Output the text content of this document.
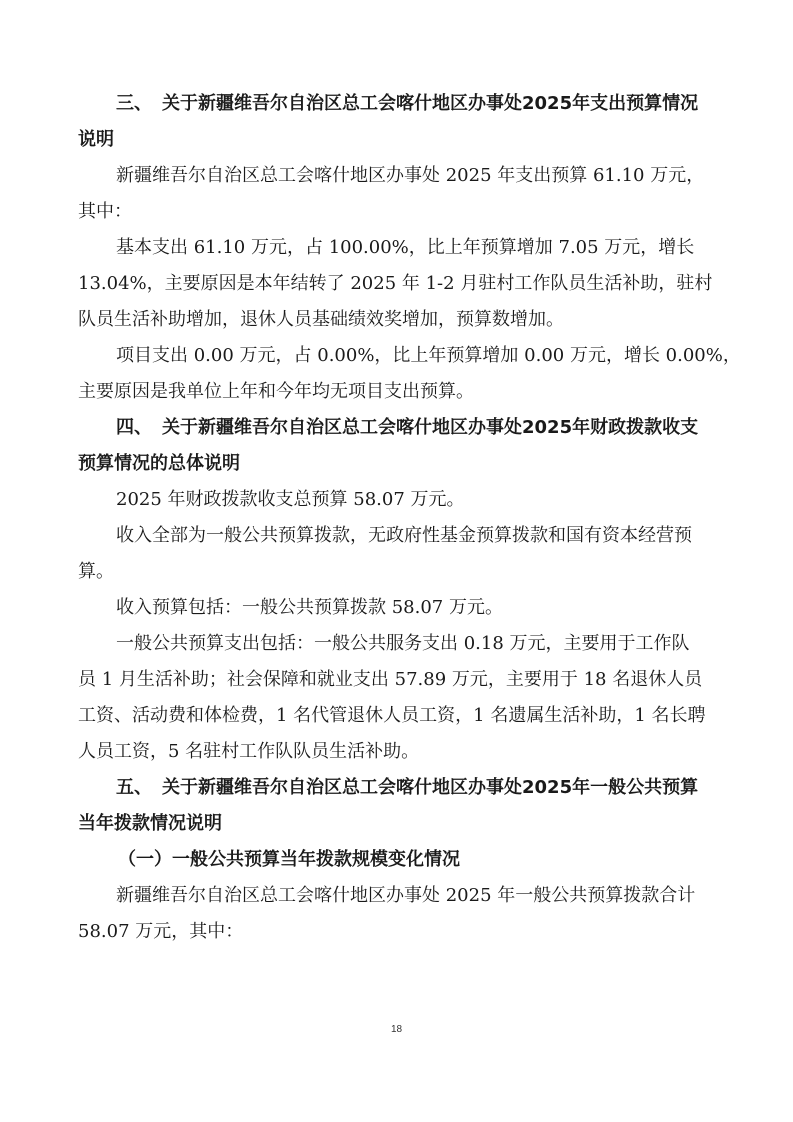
三、 关于新疆维吾尔自治区总工会喀什地区办事处2025年支出预算情况

说明

新疆维吾尔自治区总工会喀什地区办事处 2025 年支出预算 61.10 万元，

其中：

基本支出 61.10 万元，占 100.00%，比上年预算增加 7.05 万元，增长

13.04%，主要原因是本年结转了 2025 年 1-2 月驻村工作队员生活补助，驻村

队员生活补助增加，退休人员基础绩效奖增加，预算数增加。

项目支出 0.00 万元，占 0.00%，比上年预算增加 0.00 万元，增长 0.00%，

主要原因是我单位上年和今年均无项目支出预算。

四、 关于新疆维吾尔自治区总工会喀什地区办事处2025年财政拨款收支

预算情况的总体说明

2025 年财政拨款收支总预算 58.07 万元。

收入全部为一般公共预算拨款，无政府性基金预算拨款和国有资本经营预

算。

收入预算包括：一般公共预算拨款 58.07 万元。

一般公共预算支出包括：一般公共服务支出 0.18 万元，主要用于工作队

员 1 月生活补助；社会保障和就业支出 57.89 万元，主要用于 18 名退休人员

工资、活动费和体检费，1 名代管退休人员工资，1 名遗属生活补助，1 名长聘

人员工资，5 名驻村工作队队员生活补助。

五、 关于新疆维吾尔自治区总工会喀什地区办事处2025年一般公共预算

当年拨款情况说明

（一）一般公共预算当年拨款规模变化情况

新疆维吾尔自治区总工会喀什地区办事处 2025 年一般公共预算拨款合计

58.07 万元，其中：

18
